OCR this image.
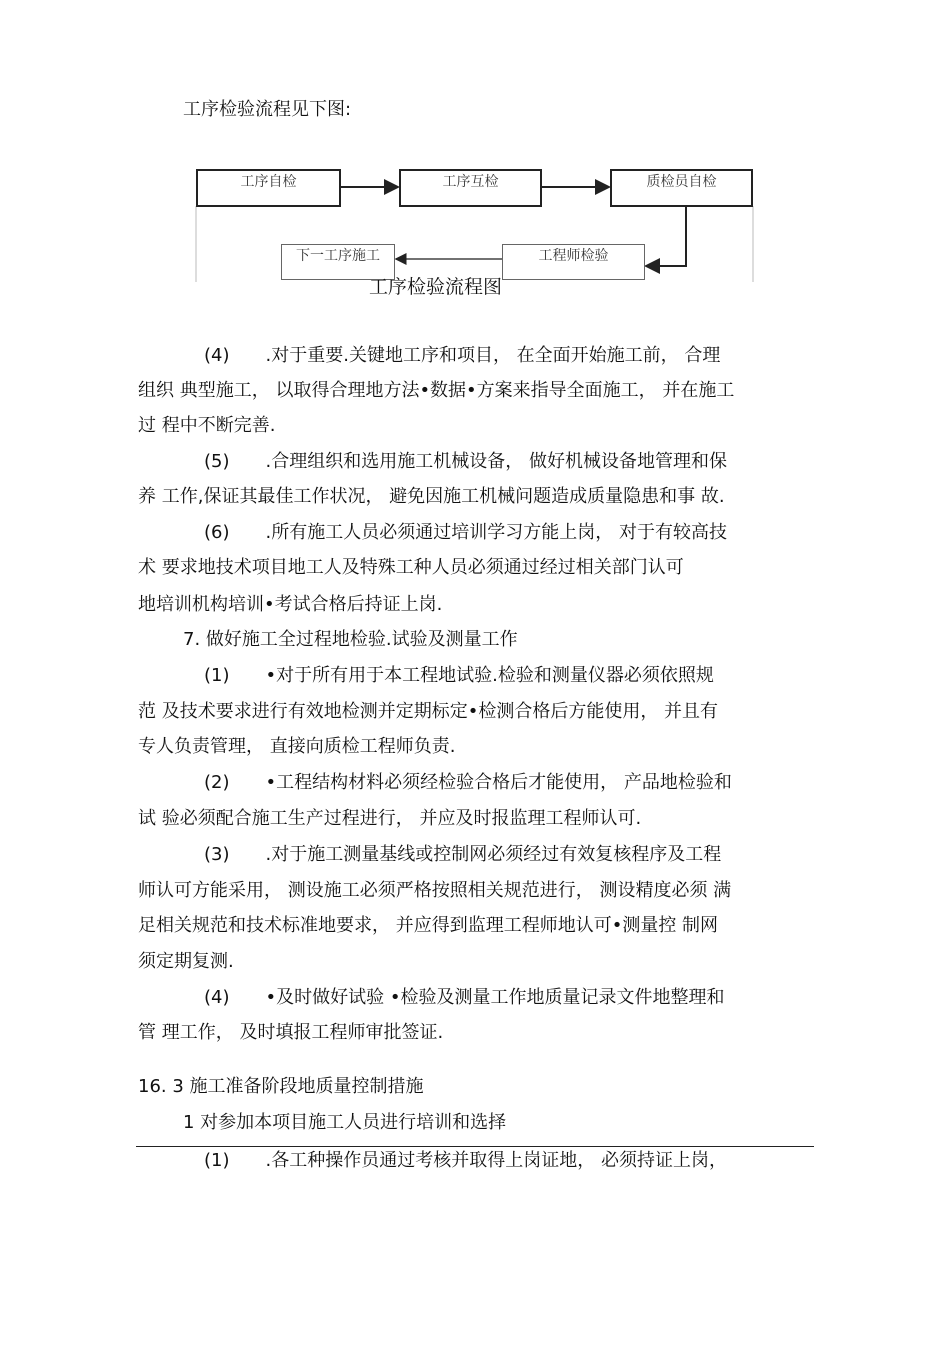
工序检验流程见下图:
工序自检	工序互检	质检员自检
工程师检验
下一工序施工
工序检验流程图
(4)　　.对于重要.关键地工序和项目， 在全面开始施工前， 合理
组织 典型施工， 以取得合理地方法•数据•方案来指导全面施工， 并在施工
过 程中不断完善.
(5)　　.合理组织和选用施工机械设备， 做好机械设备地管理和保
养 工作,保证其最佳工作状况， 避免因施工机械问题造成质量隐患和事 故.
(6)　　.所有施工人员必须通过培训学习方能上岗， 对于有较高技
术 要求地技术项目地工人及特殊工种人员必须通过经过相关部门认可
地培训机构培训•考试合格后持证上岗.
7. 做好施工全过程地检验.试验及测量工作
(1)　　•对于所有用于本工程地试验.检验和测量仪器必须依照规
范 及技术要求进行有效地检测并定期标定•检测合格后方能使用， 并且有
专人负责管理， 直接向质检工程师负责.
(2)　　•工程结构材料必须经检验合格后才能使用， 产品地检验和
试 验必须配合施工生产过程进行， 并应及时报监理工程师认可.
(3)　　.对于施工测量基线或控制网必须经过有效复核程序及工程
师认可方能采用， 测设施工必须严格按照相关规范进行， 测设精度必须 满
足相关规范和技术标准地要求， 并应得到监理工程师地认可•测量控 制网
须定期复测.
(4)　　•及时做好试验 •检验及测量工作地质量记录文件地整理和
管 理工作， 及时填报工程师审批签证.
16. 3 施工准备阶段地质量控制措施
1 对参加本项目施工人员进行培训和选择
(1)　　.各工种操作员通过考核并取得上岗证地， 必须持证上岗，
